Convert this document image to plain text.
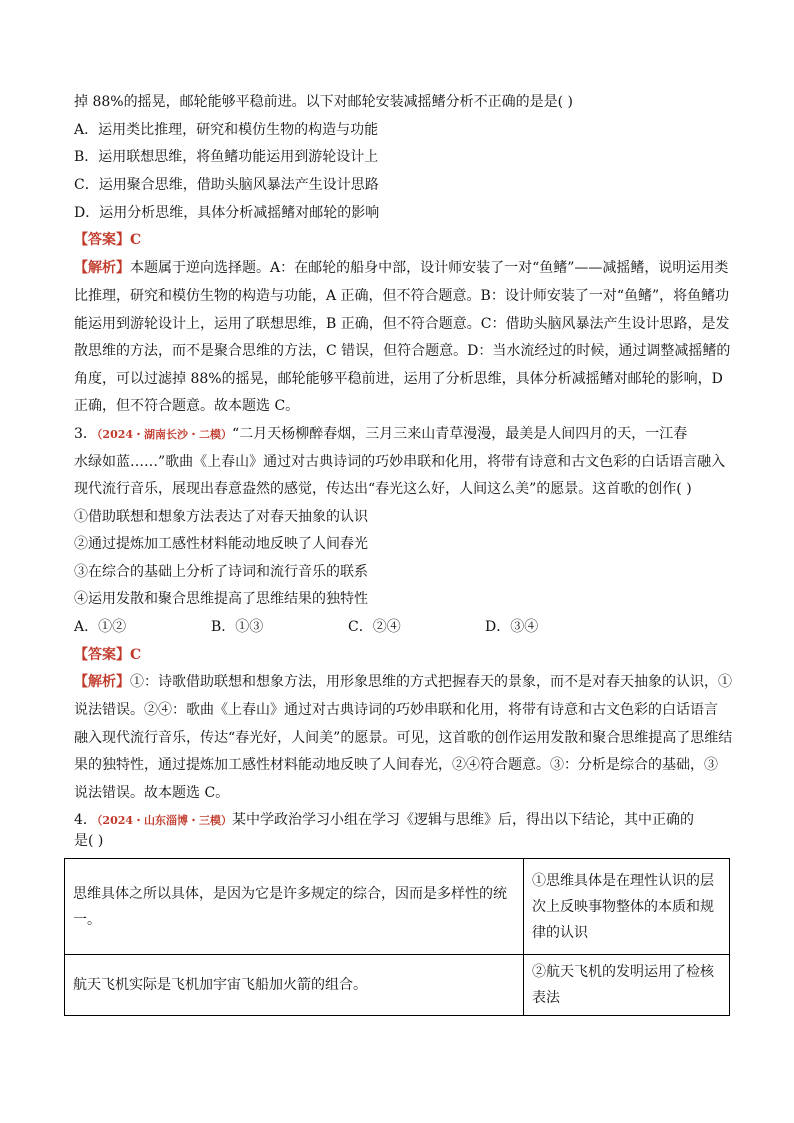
掉 88%的摇晃，邮轮能够平稳前进。以下对邮轮安装减摇鳍分析不正确的是是( )
A．运用类比推理，研究和模仿生物的构造与功能
B．运用联想思维，将鱼鳍功能运用到游轮设计上
C．运用聚合思维，借助头脑风暴法产生设计思路
D．运用分析思维，具体分析减摇鳍对邮轮的影响
【答案】C
【解析】本题属于逆向选择题。A：在邮轮的船身中部，设计师安装了一对“鱼鳍”——减摇鳍，说明运用类
比推理，研究和模仿生物的构造与功能，A 正确，但不符合题意。B：设计师安装了一对“鱼鳍”，将鱼鳍功
能运用到游轮设计上，运用了联想思维，B 正确，但不符合题意。C：借助头脑风暴法产生设计思路，是发
散思维的方法，而不是聚合思维的方法，C 错误，但符合题意。D：当水流经过的时候，通过调整减摇鳍的
角度，可以过滤掉 88%的摇晃，邮轮能够平稳前进，运用了分析思维，具体分析减摇鳍对邮轮的影响，D
正确，但不符合题意。故本题选 C。
3．（2024・湖南长沙・二模）“二月天杨柳醉春烟，三月三来山青草漫漫，最美是人间四月的天，一江春
水绿如蓝……”歌曲《上春山》通过对古典诗词的巧妙串联和化用，将带有诗意和古文色彩的白话语言融入
现代流行音乐，展现出春意盎然的感觉，传达出“春光这么好，人间这么美”的愿景。这首歌的创作( )
①借助联想和想象方法表达了对春天抽象的认识
②通过提炼加工感性材料能动地反映了人间春光
③在综合的基础上分析了诗词和流行音乐的联系
④运用发散和聚合思维提高了思维结果的独特性
A．①②	B．①③	C．②④	D．③④
【答案】C
【解析】①：诗歌借助联想和想象方法，用形象思维的方式把握春天的景象，而不是对春天抽象的认识，①
说法错误。②④：歌曲《上春山》通过对古典诗词的巧妙串联和化用，将带有诗意和古文色彩的白话语言
融入现代流行音乐，传达“春光好，人间美”的愿景。可见，这首歌的创作运用发散和聚合思维提高了思维结
果的独特性，通过提炼加工感性材料能动地反映了人间春光，②④符合题意。③：分析是综合的基础，③
说法错误。故本题选 C。
4．（2024・山东淄博・三模）某中学政治学习小组在学习《逻辑与思维》后，得出以下结论，其中正确的
是( )
思维具体之所以具体，是因为它是许多规定的综合，因而是多样性的统一。	①思维具体是在理性认识的层次上反映事物整体的本质和规律的认识
航天飞机实际是飞机加宇宙飞船加火箭的组合。	②航天飞机的发明运用了检核表法
